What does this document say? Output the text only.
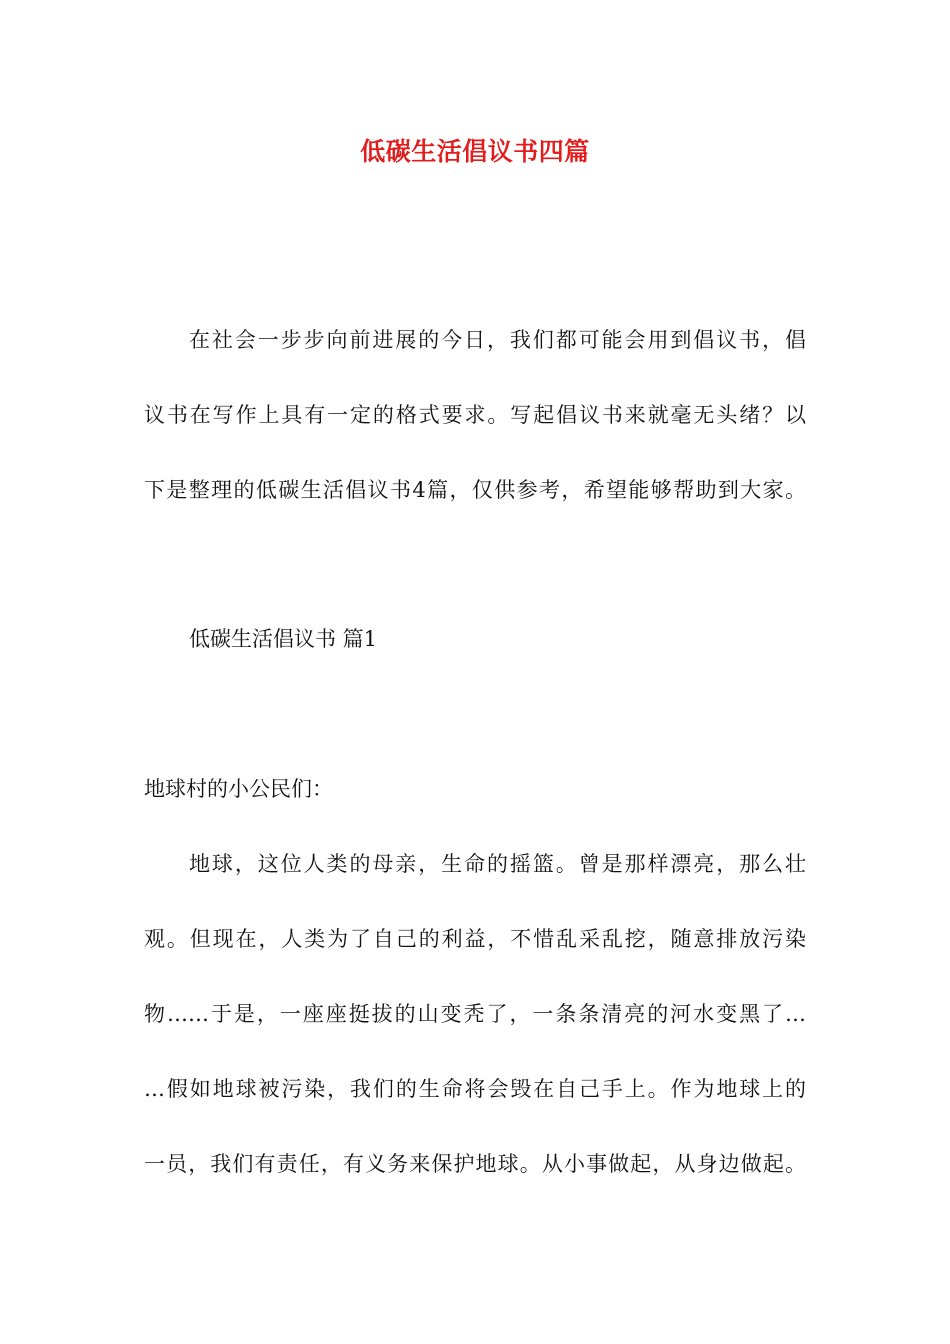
低碳生活倡议书四篇
在社会一步步向前进展的今日，我们都可能会用到倡议书，倡
议书在写作上具有一定的格式要求。写起倡议书来就毫无头绪？以
下是整理的低碳生活倡议书4篇，仅供参考，希望能够帮助到大家。
低碳生活倡议书 篇1
地球村的小公民们：
地球，这位人类的母亲，生命的摇篮。曾是那样漂亮，那么壮
观。但现在，人类为了自己的利益，不惜乱采乱挖，随意排放污染
物……于是，一座座挺拔的山变秃了，一条条清亮的河水变黑了…
…假如地球被污染，我们的生命将会毁在自己手上。作为地球上的
一员，我们有责任，有义务来保护地球。从小事做起，从身边做起。
